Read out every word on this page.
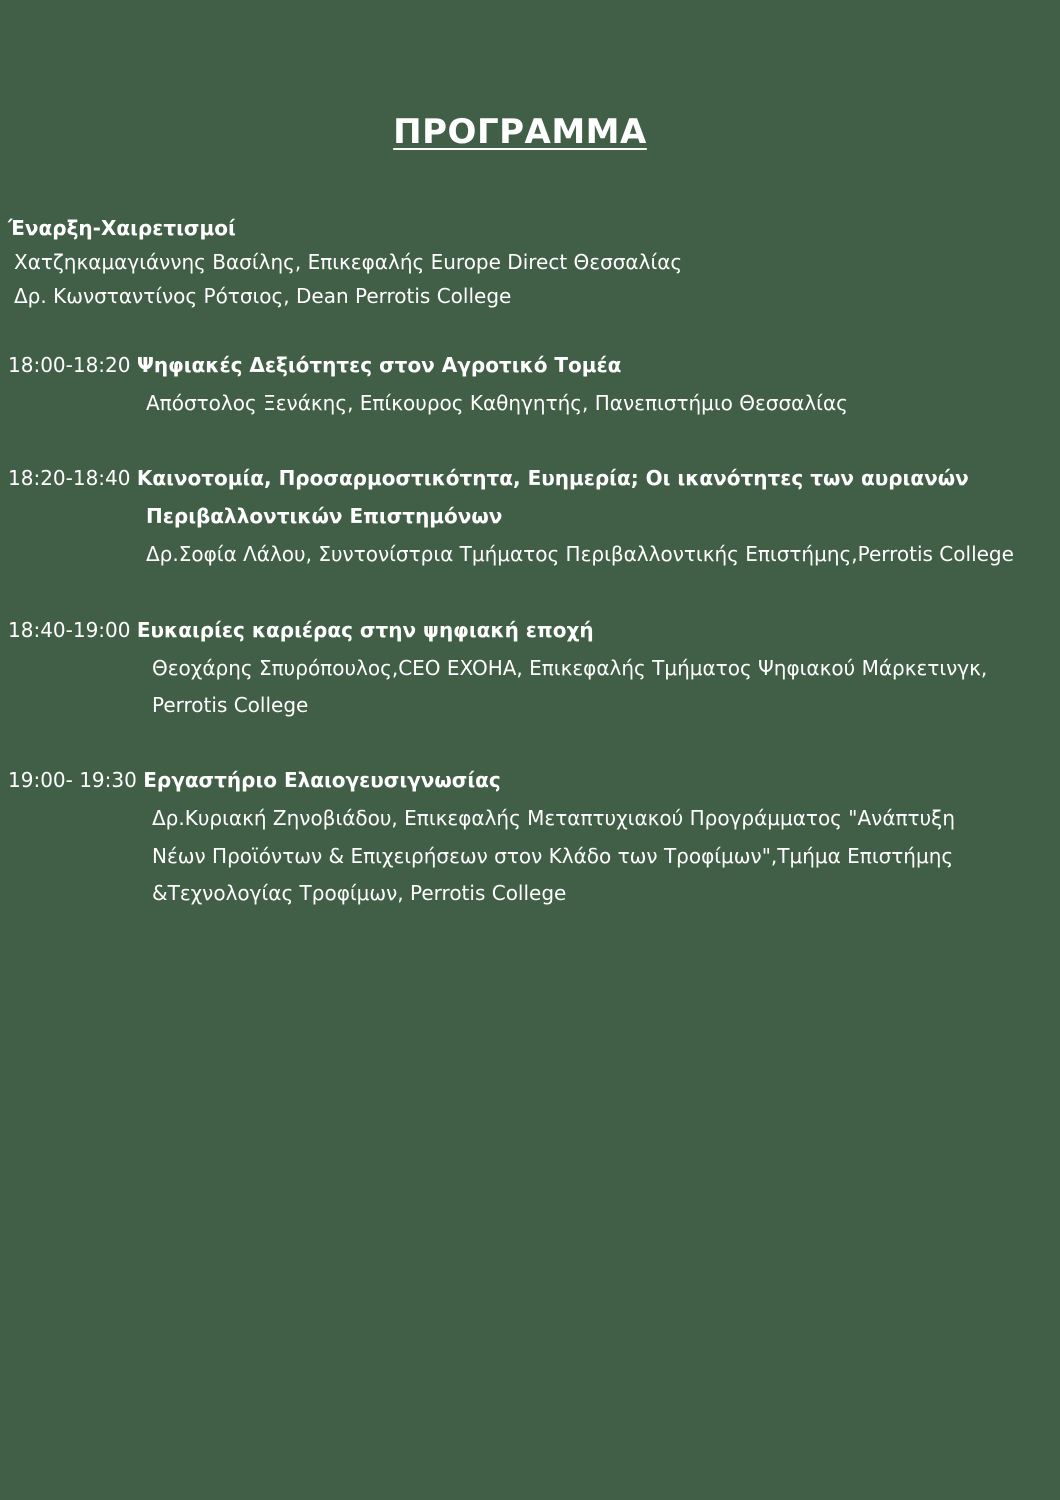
ΠΡΟΓΡΑΜΜΑ
Έναρξη-Χαιρετισμοί
Χατζηκαμαγιάννης Βασίλης, Επικεφαλής Europe Direct Θεσσαλίας
Δρ. Κωνσταντίνος Ρότσιος, Dean Perrotis College
18:00-18:20 Ψηφιακές Δεξιότητες στον Αγροτικό Τομέα
Απόστολος Ξενάκης, Επίκουρος Καθηγητής, Πανεπιστήμιο Θεσσαλίας
18:20-18:40 Καινοτομία, Προσαρμοστικότητα, Ευημερία; Οι ικανότητες των αυριανών
Περιβαλλοντικών Επιστημόνων
Δρ.Σοφία Λάλου, Συντονίστρια Τμήματος Περιβαλλοντικής Επιστήμης,Perrotis College
18:40-19:00 Ευκαιρίες καριέρας στην ψηφιακή εποχή
Θεοχάρης Σπυρόπουλος,CEO EXOHA, Επικεφαλής Τμήματος Ψηφιακού Μάρκετινγκ,
Perrotis College
19:00- 19:30 Εργαστήριο Ελαιογευσιγνωσίας
Δρ.Κυριακή Ζηνοβιάδου, Επικεφαλής Μεταπτυχιακού Προγράμματος "Ανάπτυξη
Νέων Προϊόντων & Επιχειρήσεων στον Κλάδο των Τροφίμων",Τμήμα Επιστήμης
&Τεχνολογίας Τροφίμων, Perrotis College
